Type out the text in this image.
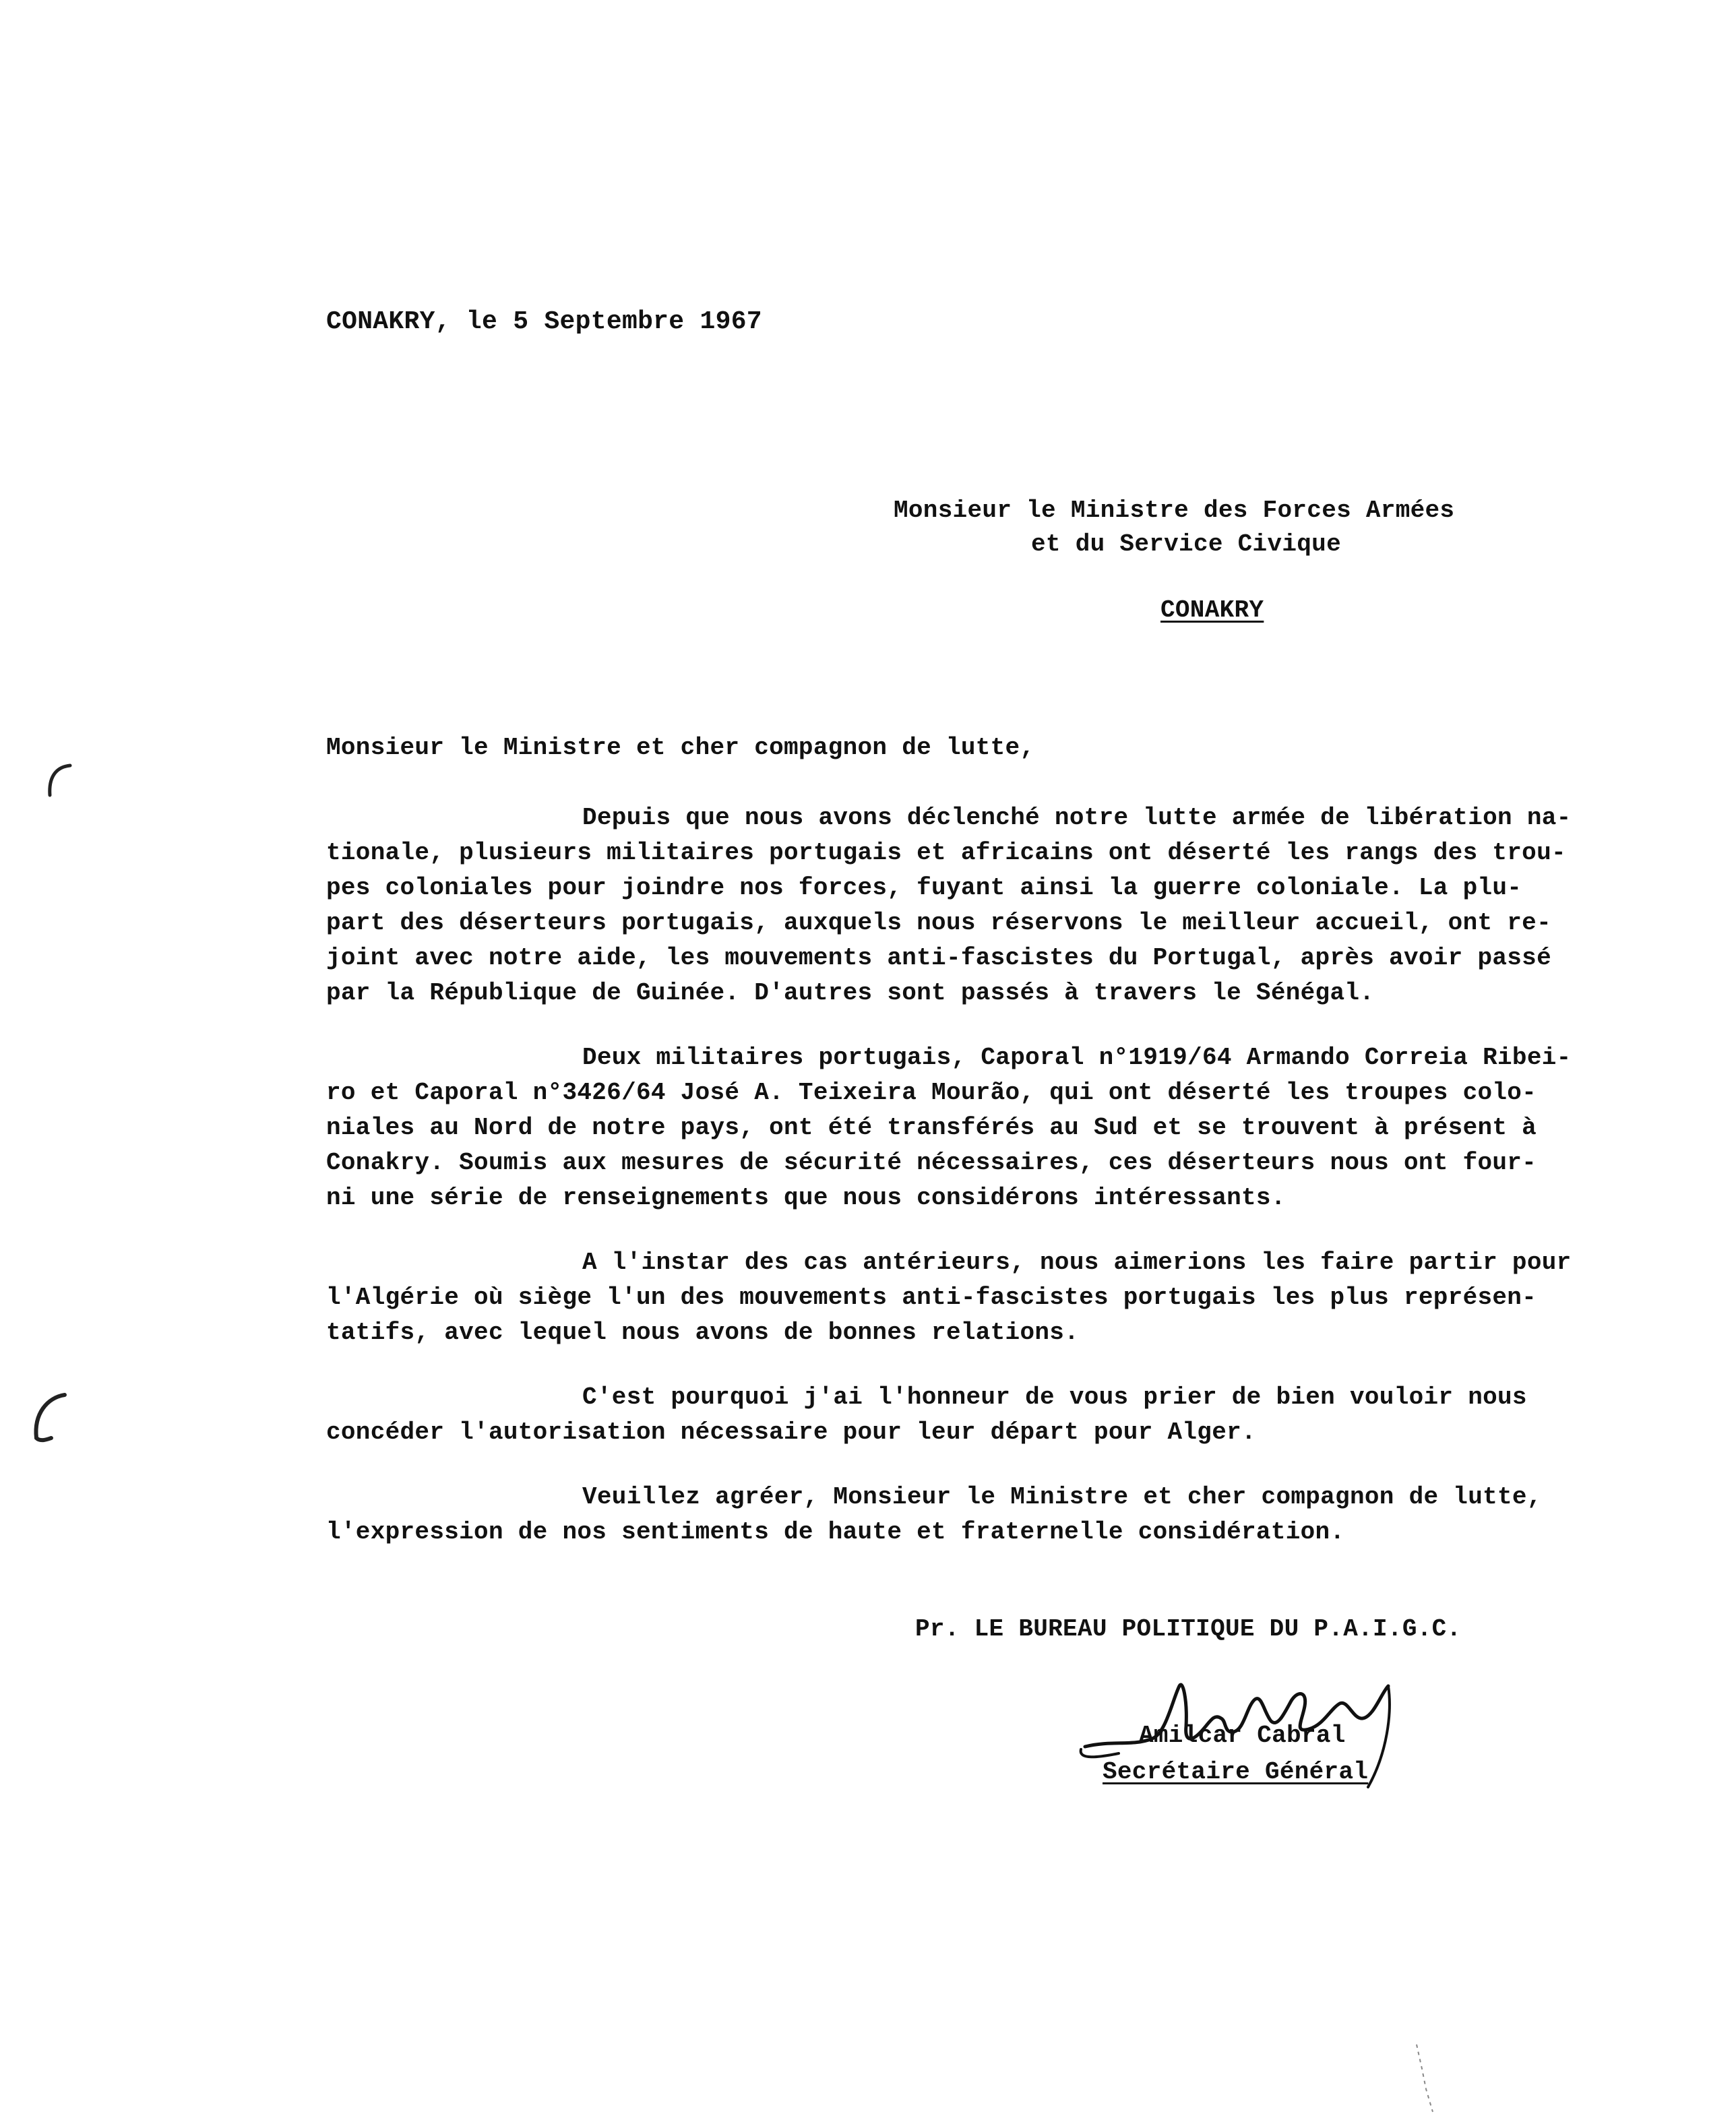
CONAKRY, le 5 Septembre 1967
Monsieur le Ministre des Forces Armées
et du Service Civique
CONAKRY
Monsieur le Ministre et cher compagnon de lutte,
Depuis que nous avons déclenché notre lutte armée de libération na-
tionale, plusieurs militaires portugais et africains ont déserté les rangs des trou-
pes coloniales pour joindre nos forces, fuyant ainsi la guerre coloniale. La plu-
part des déserteurs portugais, auxquels nous réservons le meilleur accueil, ont re-
joint avec notre aide, les mouvements anti-fascistes du Portugal, après avoir passé
par la République de Guinée. D'autres sont passés à travers le Sénégal.
Deux militaires portugais, Caporal n°1919/64 Armando Correia Ribei-
ro et Caporal n°3426/64 José A. Teixeira Mourão, qui ont déserté les troupes colo-
niales au Nord de notre pays, ont été transférés au Sud et se trouvent à présent à
Conakry. Soumis aux mesures de sécurité nécessaires, ces déserteurs nous ont four-
ni une série de renseignements que nous considérons intéressants.
A l'instar des cas antérieurs, nous aimerions les faire partir pour
l'Algérie où siège l'un des mouvements anti-fascistes portugais les plus représen-
tatifs, avec lequel nous avons de bonnes relations.
C'est pourquoi j'ai l'honneur de vous prier de bien vouloir nous
concéder l'autorisation nécessaire pour leur départ pour Alger.
Veuillez agréer, Monsieur le Ministre et cher compagnon de lutte,
l'expression de nos sentiments de haute et fraternelle considération.
Pr. LE BUREAU POLITIQUE DU P.A.I.G.C.
Amilcar Cabral
Secrétaire Général
